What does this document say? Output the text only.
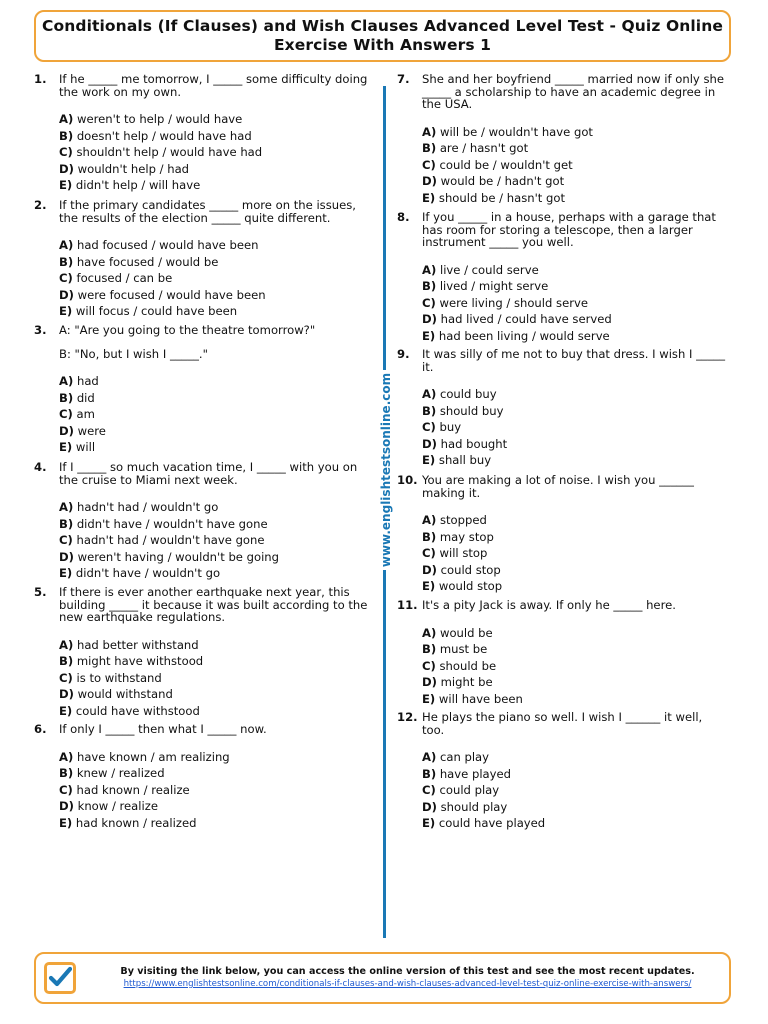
Conditionals (If Clauses) and Wish Clauses Advanced Level Test - Quiz Online
Exercise With Answers 1
1.	If he _____ me tomorrow, I _____ some difficulty doing the work on my own.
A) weren't to help / would have
B) doesn't help / would have had
C) shouldn't help / would have had
D) wouldn't help / had
E) didn't help / will have
2.	If the primary candidates _____ more on the issues, the results of the election _____ quite different.
A) had focused / would have been
B) have focused / would be
C) focused / can be
D) were focused / would have been
E) will focus / could have been
3.	A: "Are you going to the theatre tomorrow?"
B: "No, but I wish I _____."
A) had
B) did
C) am
D) were
E) will
4.	If I _____ so much vacation time, I _____ with you on the cruise to Miami next week.
A) hadn't had / wouldn't go
B) didn't have / wouldn't have gone
C) hadn't had / wouldn't have gone
D) weren't having / wouldn't be going
E) didn't have / wouldn't go
5.	If there is ever another earthquake next year, this building _____ it because it was built according to the new earthquake regulations.
A) had better withstand
B) might have withstood
C) is to withstand
D) would withstand
E) could have withstood
6.	If only I _____ then what I _____ now.
A) have known / am realizing
B) knew / realized
C) had known / realize
D) know / realize
E) had known / realized
7.	She and her boyfriend _____ married now if only she _____ a scholarship to have an academic degree in the USA.
A) will be / wouldn't have got
B) are / hasn't got
C) could be / wouldn't get
D) would be / hadn't got
E) should be / hasn't got
8.	If you _____ in a house, perhaps with a garage that has room for storing a telescope, then a larger instrument _____ you well.
A) live / could serve
B) lived / might serve
C) were living / should serve
D) had lived / could have served
E) had been living / would serve
9.	It was silly of me not to buy that dress. I wish I _____ it.
A) could buy
B) should buy
C) buy
D) had bought
E) shall buy
10. You are making a lot of noise. I wish you ______ making it.
A) stopped
B) may stop
C) will stop
D) could stop
E) would stop
11. It's a pity Jack is away. If only he _____ here.
A) would be
B) must be
C) should be
D) might be
E) will have been
12. He plays the piano so well. I wish I ______ it well, too.
A) can play
B) have played
C) could play
D) should play
E) could have played
www.englishtestsonline.com
By visiting the link below, you can access the online version of this test and see the most recent updates.
https://www.englishtestsonline.com/conditionals-if-clauses-and-wish-clauses-advanced-level-test-quiz-online-exercise-with-answers/
